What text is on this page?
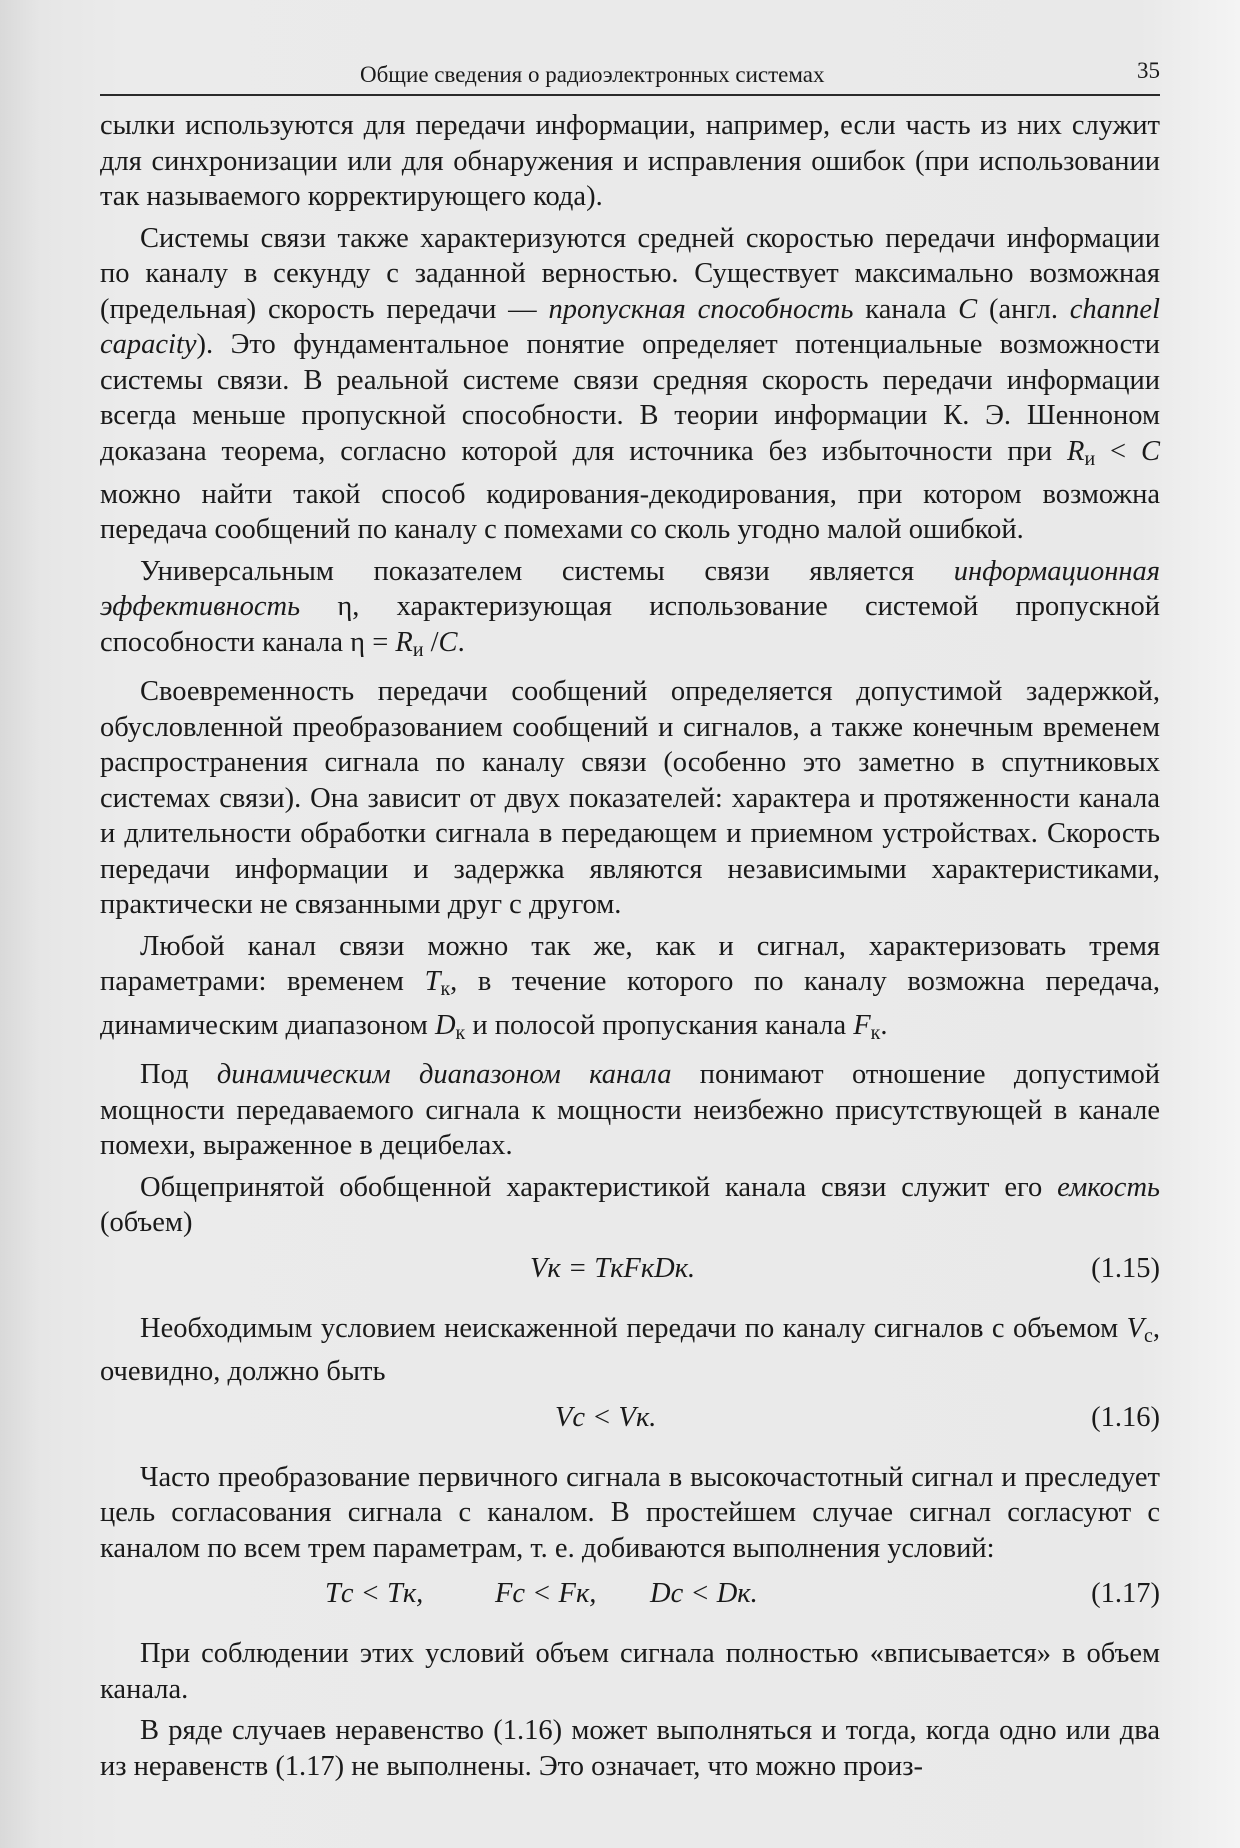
Общие сведения о радиоэлектронных системах	35

сылки используются для передачи информации, например, если часть из них служит для синхронизации или для обнаружения и исправления ошибок (при использовании так называемого корректирующего кода).

Системы связи также характеризуются средней скоростью передачи информации по каналу в секунду с заданной верностью. Существует максимально возможная (предельная) скорость передачи — пропускная способность канала C (англ. channel capacity). Это фундаментальное понятие определяет потенциальные возможности системы связи. В реальной системе связи средняя скорость передачи информации всегда меньше пропускной способности. В теории информации К. Э. Шенноном доказана теорема, согласно которой для источника без избыточности при $R_и < C$ можно найти такой способ кодирования-декодирования, при котором возможна передача сообщений по каналу с помехами со сколь угодно малой ошибкой.

Универсальным показателем системы связи является информационная эффективность η, характеризующая использование системой пропускной способности канала $\eta = R_и$ /C.

Своевременность передачи сообщений определяется допустимой задержкой, обусловленной преобразованием сообщений и сигналов, а также конечным временем распространения сигнала по каналу связи (особенно это заметно в спутниковых системах связи). Она зависит от двух показателей: характера и протяженности канала и длительности обработки сигнала в передающем и приемном устройствах. Скорость передачи информации и задержка являются независимыми характеристиками, практически не связанными друг с другом.

Любой канал связи можно так же, как и сигнал, характеризовать тремя параметрами: временем $T_к$, в течение которого по каналу возможна передача, динамическим диапазоном $D_к$ и полосой пропускания канала $F_к$.

Под динамическим диапазоном канала понимают отношение допустимой мощности передаваемого сигнала к мощности неизбежно присутствующей в канале помехи, выраженное в децибелах.

Общепринятой обобщенной характеристикой канала связи служит его емкость (объем)

Vк = TкFкDк.	(1.15)

Необходимым условием неискаженной передачи по каналу сигналов с объемом $V_с$, очевидно, должно быть

Vс < Vк.	(1.16)

Часто преобразование первичного сигнала в высокочастотный сигнал и преследует цель согласования сигнала с каналом. В простейшем случае сигнал согласуют с каналом по всем трем параметрам, т. е. добиваются выполнения условий:

Tс < Tк,	Fс < Fк, Dс < Dк.	(1.17)

При соблюдении этих условий объем сигнала полностью «вписывается» в объем канала.

В ряде случаев неравенство (1.16) может выполняться и тогда, когда одно или два из неравенств (1.17) не выполнены. Это означает, что можно произ-
